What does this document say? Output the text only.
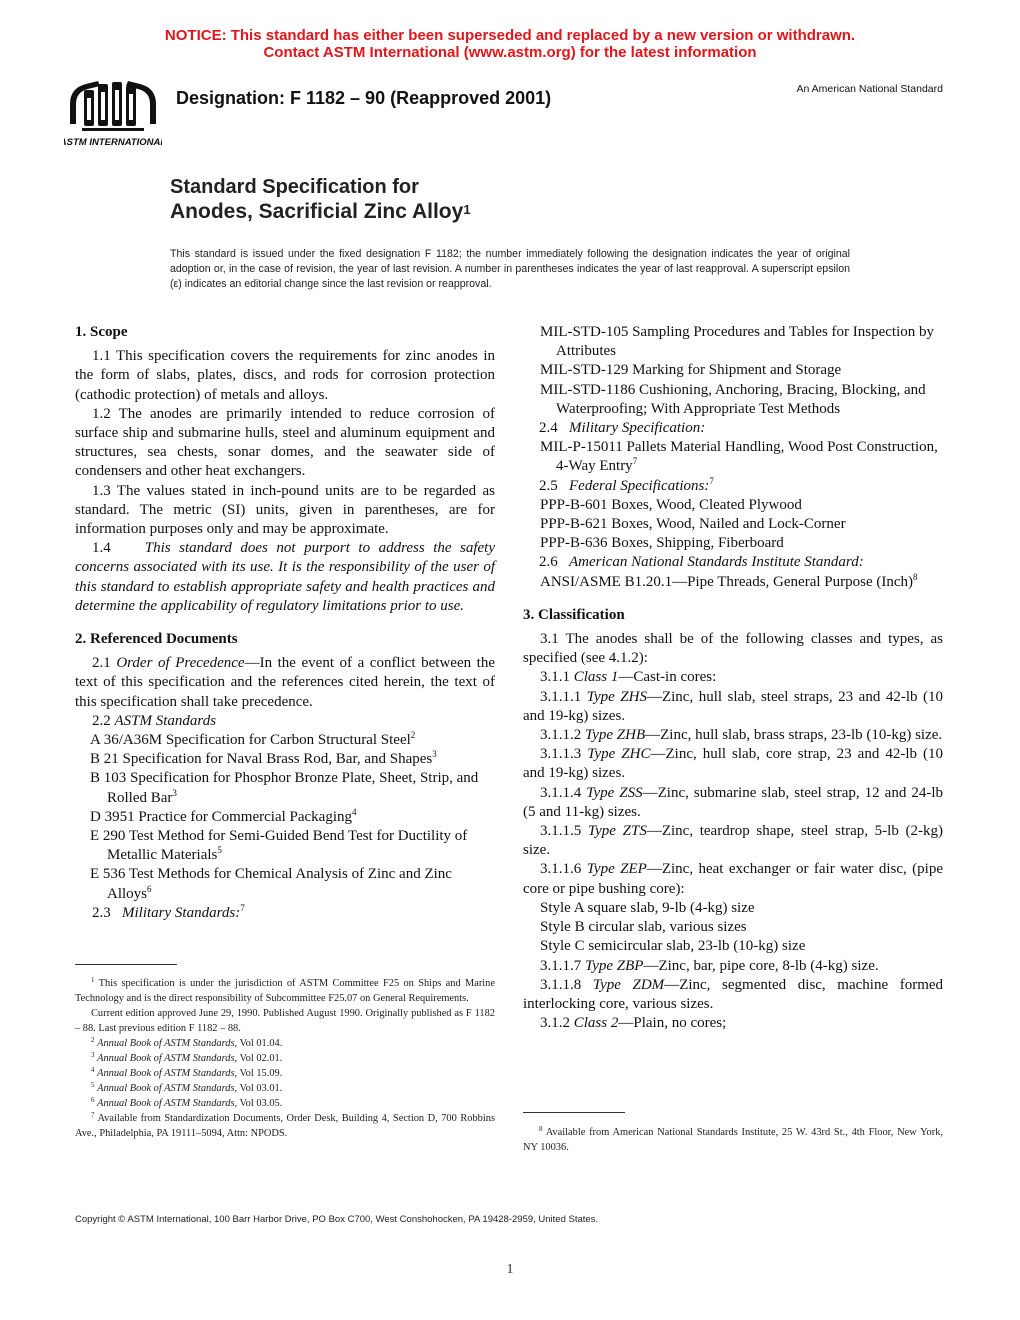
NOTICE: This standard has either been superseded and replaced by a new version or withdrawn.
Contact ASTM International (www.astm.org) for the latest information
ASTM INTERNATIONAL
Designation: F 1182 – 90 (Reapproved 2001)	An American National Standard
Standard Specification for
Anodes, Sacrificial Zinc Alloy$^1$
This standard is issued under the fixed designation F 1182; the number immediately following the designation indicates the year of original adoption or, in the case of revision, the year of last revision. A number in parentheses indicates the year of last reapproval. A superscript epsilon (ε) indicates an editorial change since the last revision or reapproval.

1. Scope

1.1 This specification covers the requirements for zinc anodes in the form of slabs, plates, discs, and rods for corrosion protection (cathodic protection) of metals and alloys.

1.2 The anodes are primarily intended to reduce corrosion of surface ship and submarine hulls, steel and aluminum equipment and structures, sea chests, sonar domes, and the seawater side of condensers and other heat exchangers.

1.3 The values stated in inch-pound units are to be regarded as standard. The metric (SI) units, given in parentheses, are for information purposes only and may be approximate.

1.4 This standard does not purport to address the safety concerns associated with its use. It is the responsibility of the user of this standard to establish appropriate safety and health practices and determine the applicability of regulatory limitations prior to use.

2. Referenced Documents

2.1 Order of Precedence—In the event of a conflict between the text of this specification and the references cited herein, the text of this specification shall take precedence.

2.2 ASTM Standards

A 36/A36M Specification for Carbon Structural Steel$^2$

B 21 Specification for Naval Brass Rod, Bar, and Shapes$^3$

B 103 Specification for Phosphor Bronze Plate, Sheet, Strip, and Rolled Bar$^3$

D 3951 Practice for Commercial Packaging$^4$

E 290 Test Method for Semi-Guided Bend Test for Ductility of Metallic Materials$^5$

E 536 Test Methods for Chemical Analysis of Zinc and Zinc Alloys$^6$

2.3 Military Standards:$^7$

$^1$ This specification is under the jurisdiction of ASTM Committee F25 on Ships and Marine Technology and is the direct responsibility of Subcommittee F25.07 on General Requirements.

Current edition approved June 29, 1990. Published August 1990. Originally published as F 1182 – 88. Last previous edition F 1182 – 88.

$^2$ Annual Book of ASTM Standards, Vol 01.04.

$^3$ Annual Book of ASTM Standards, Vol 02.01.

$^4$ Annual Book of ASTM Standards, Vol 15.09.

$^5$ Annual Book of ASTM Standards, Vol 03.01.

$^6$ Annual Book of ASTM Standards, Vol 03.05.

$^7$ Available from Standardization Documents, Order Desk, Building 4, Section D, 700 Robbins Ave., Philadelphia, PA 19111–5094, Attn: NPODS.

MIL-STD-105 Sampling Procedures and Tables for Inspection by Attributes

MIL-STD-129 Marking for Shipment and Storage

MIL-STD-1186 Cushioning, Anchoring, Bracing, Blocking, and Waterproofing; With Appropriate Test Methods

2.4 Military Specification:

MIL-P-15011 Pallets Material Handling, Wood Post Construction, 4-Way Entry$^7$

2.5 Federal Specifications:$^7$

PPP-B-601 Boxes, Wood, Cleated Plywood

PPP-B-621 Boxes, Wood, Nailed and Lock-Corner

PPP-B-636 Boxes, Shipping, Fiberboard

2.6 American National Standards Institute Standard:

ANSI/ASME B1.20.1—Pipe Threads, General Purpose (Inch)$^8$

3. Classification

3.1 The anodes shall be of the following classes and types, as specified (see 4.1.2):

3.1.1 Class 1—Cast-in cores:

3.1.1.1 Type ZHS—Zinc, hull slab, steel straps, 23 and 42-lb (10 and 19-kg) sizes.

3.1.1.2 Type ZHB—Zinc, hull slab, brass straps, 23-lb (10-kg) size.

3.1.1.3 Type ZHC—Zinc, hull slab, core strap, 23 and 42-lb (10 and 19-kg) sizes.

3.1.1.4 Type ZSS—Zinc, submarine slab, steel strap, 12 and 24-lb (5 and 11-kg) sizes.

3.1.1.5 Type ZTS—Zinc, teardrop shape, steel strap, 5-lb (2-kg) size.

3.1.1.6 Type ZEP—Zinc, heat exchanger or fair water disc, (pipe core or pipe bushing core):

Style A square slab, 9-lb (4-kg) size

Style B circular slab, various sizes

Style C semicircular slab, 23-lb (10-kg) size

3.1.1.7 Type ZBP—Zinc, bar, pipe core, 8-lb (4-kg) size.

3.1.1.8 Type ZDM—Zinc, segmented disc, machine formed interlocking core, various sizes.

3.1.2 Class 2—Plain, no cores;

$^8$ Available from American National Standards Institute, 25 W. 43rd St., 4th Floor, New York, NY 10036.

Copyright © ASTM International, 100 Barr Harbor Drive, PO Box C700, West Conshohocken, PA 19428-2959, United States.
1
